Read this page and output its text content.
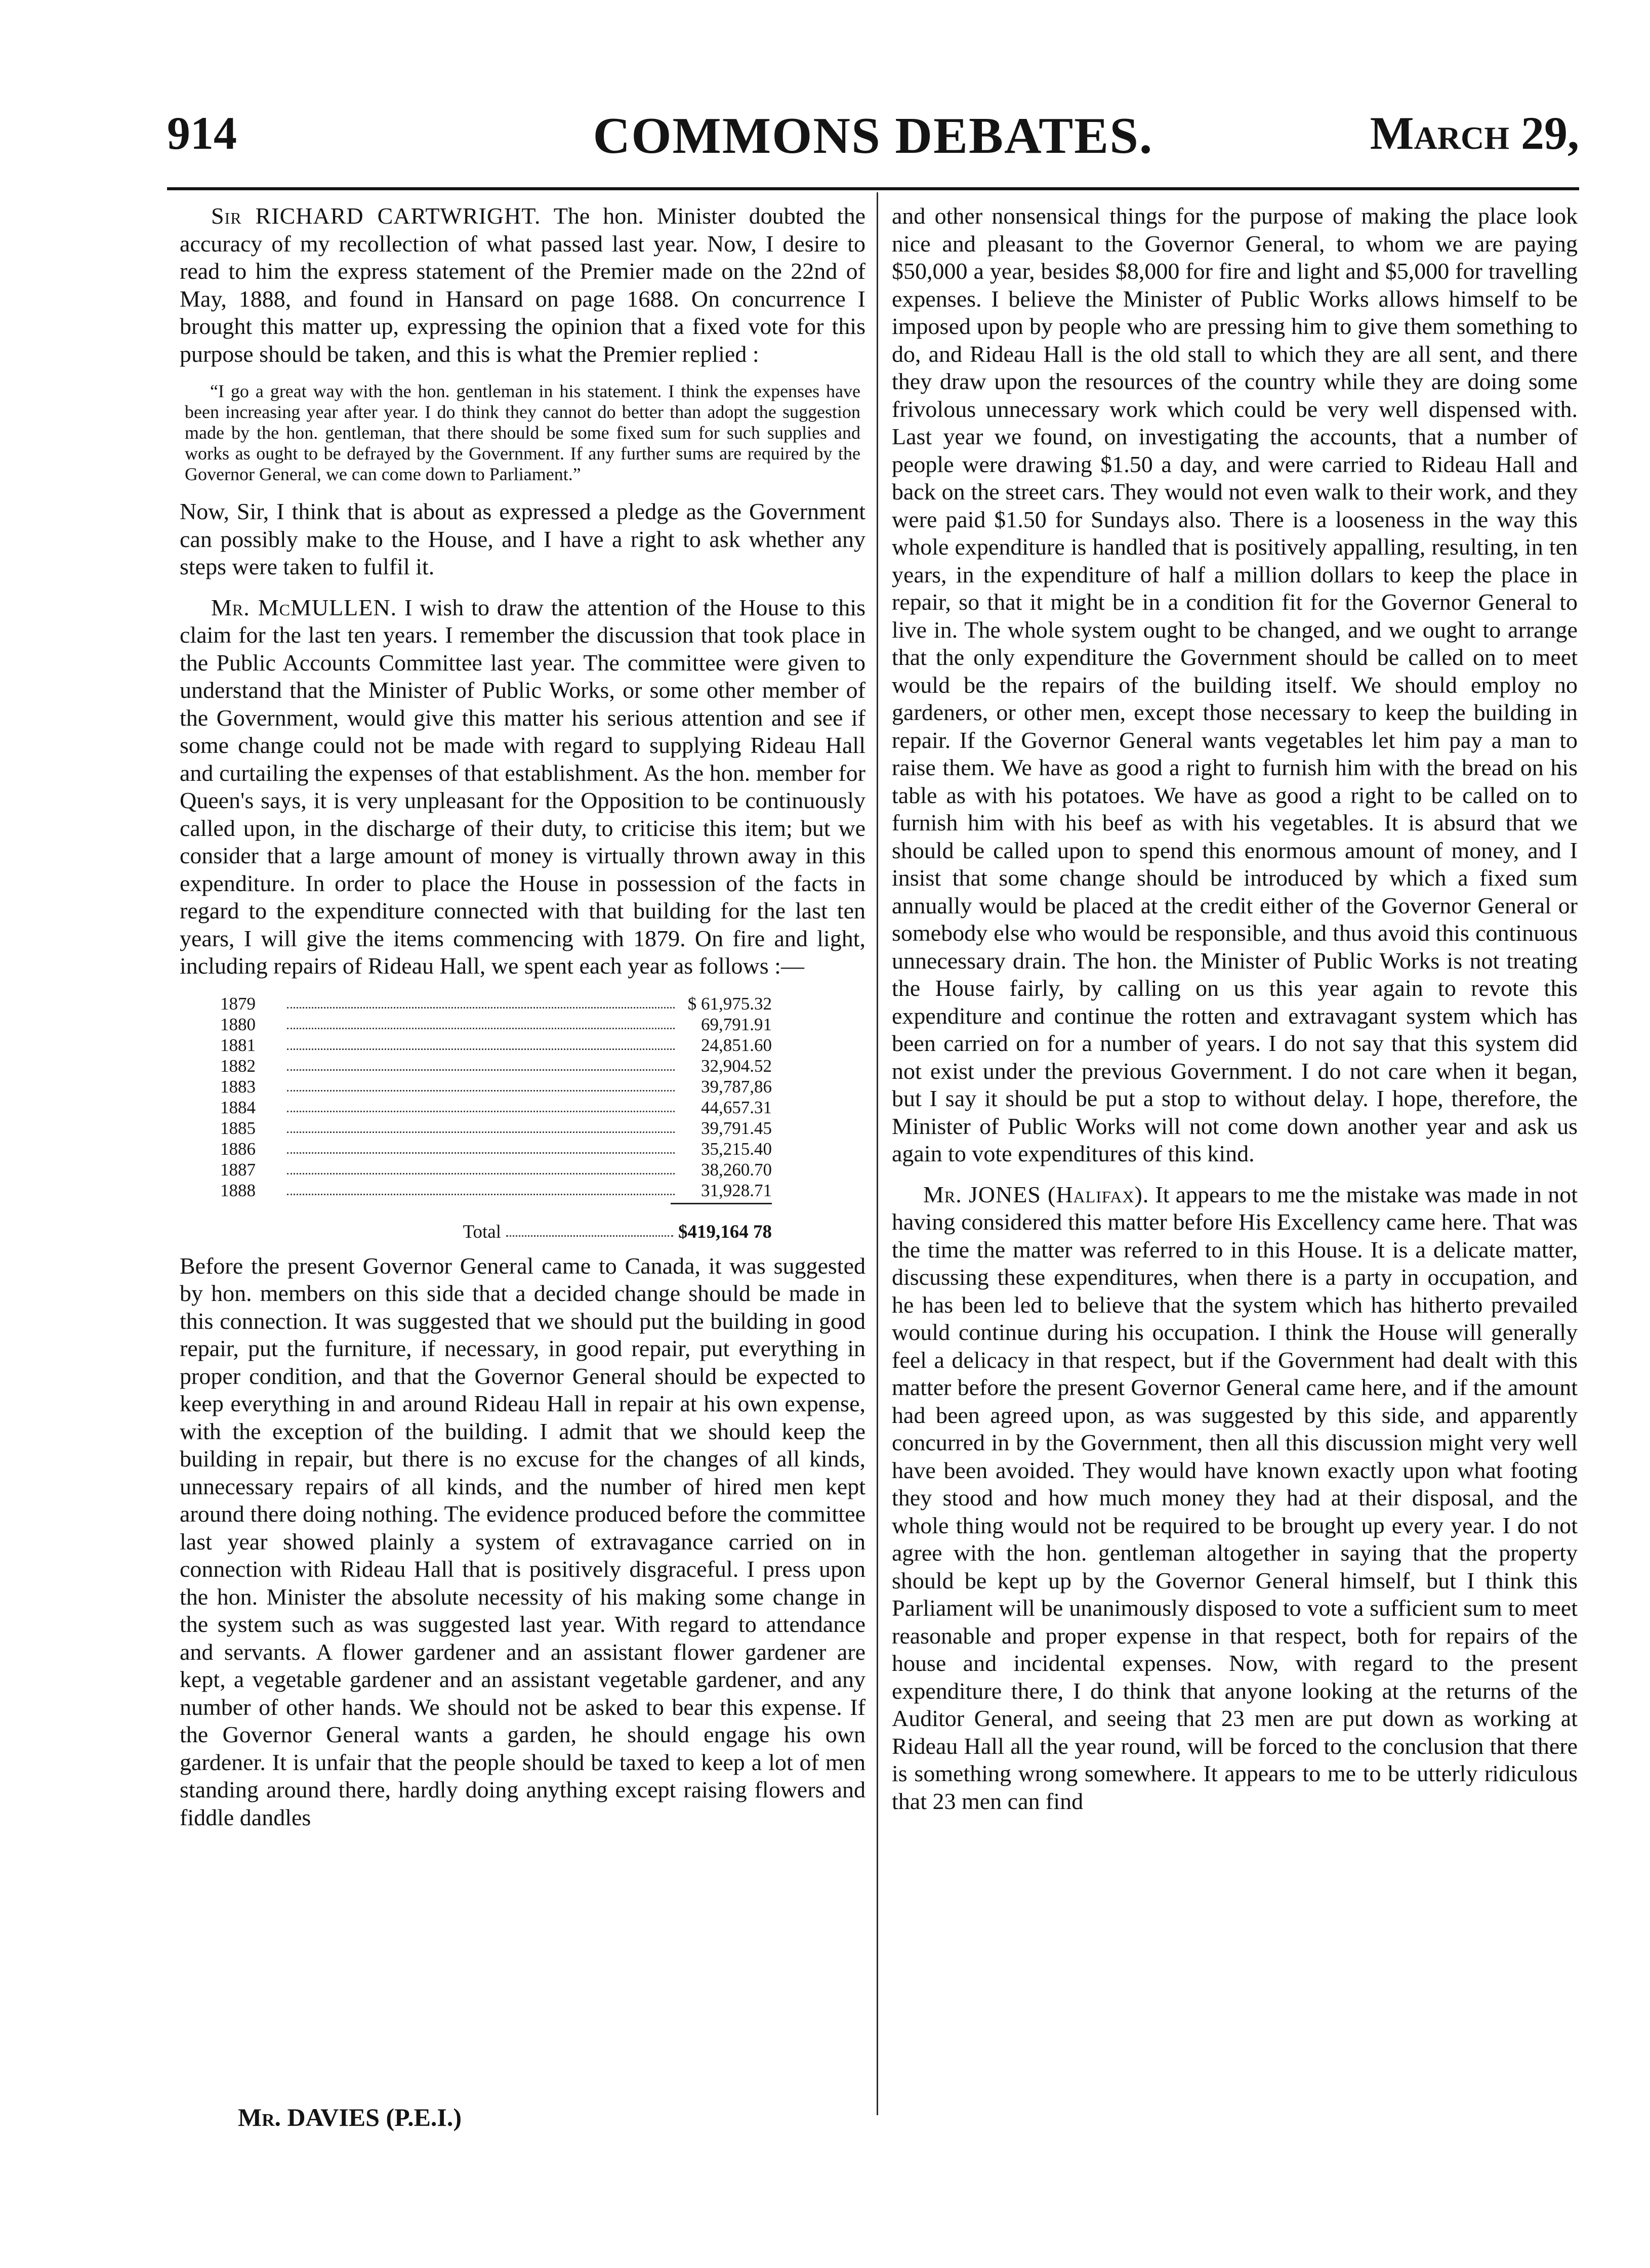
914	COMMONS DEBATES.	March 29,

Sir RICHARD CARTWRIGHT. The hon. Minister doubted the accuracy of my recollection of what passed last year. Now, I desire to read to him the express statement of the Premier made on the 22nd of May, 1888, and found in Hansard on page 1688. On concurrence I brought this matter up, expressing the opinion that a fixed vote for this purpose should be taken, and this is what the Premier replied :

“I go a great way with the hon. gentleman in his statement. I think the expenses have been increasing year after year. I do think they cannot do better than adopt the suggestion made by the hon. gentleman, that there should be some fixed sum for such supplies and works as ought to be defrayed by the Government. If any further sums are required by the Governor General, we can come down to Parliament.”

Now, Sir, I think that is about as expressed a pledge as the Government can possibly make to the House, and I have a right to ask whether any steps were taken to fulfil it.

Mr. McMULLEN. I wish to draw the attention of the House to this claim for the last ten years. I remember the discussion that took place in the Public Accounts Committee last year. The committee were given to understand that the Minister of Public Works, or some other member of the Government, would give this matter his serious attention and see if some change could not be made with regard to supplying Rideau Hall and curtailing the expenses of that establishment. As the hon. member for Queen's says, it is very unpleasant for the Opposition to be continuously called upon, in the discharge of their duty, to criticise this item; but we consider that a large amount of money is virtually thrown away in this expenditure. In order to place the House in possession of the facts in regard to the expenditure connected with that building for the last ten years, I will give the items commencing with 1879. On fire and light, including repairs of Rideau Hall, we spent each year as follows :—

1879	$ 61,975.32
1880	69,791.91
1881	24,851.60
1882	32,904.52
1883	39,787,86
1884	44,657.31
1885	39,791.45
1886	35,215.40
1887	38,260.70
1888	31,928.71
Total	$419,164 78

Before the present Governor General came to Canada, it was suggested by hon. members on this side that a decided change should be made in this connection. It was suggested that we should put the building in good repair, put the furniture, if necessary, in good repair, put everything in proper condition, and that the Governor General should be expected to keep everything in and around Rideau Hall in repair at his own expense, with the exception of the building. I admit that we should keep the building in repair, but there is no excuse for the changes of all kinds, unnecessary repairs of all kinds, and the number of hired men kept around there doing nothing. The evidence produced before the committee last year showed plainly a system of extravagance carried on in connection with Rideau Hall that is positively disgraceful. I press upon the hon. Minister the absolute necessity of his making some change in the system such as was suggested last year. With regard to attendance and servants. A flower gardener and an assistant flower gardener are kept, a vegetable gardener and an assistant vegetable gardener, and any number of other hands. We should not be asked to bear this expense. If the Governor General wants a garden, he should engage his own gardener. It is unfair that the people should be taxed to keep a lot of men standing around there, hardly doing anything except raising flowers and fiddle dandles

and other nonsensical things for the purpose of making the place look nice and pleasant to the Governor General, to whom we are paying $50,000 a year, besides $8,000 for fire and light and $5,000 for travelling expenses. I believe the Minister of Public Works allows himself to be imposed upon by people who are pressing him to give them something to do, and Rideau Hall is the old stall to which they are all sent, and there they draw upon the resources of the country while they are doing some frivolous unnecessary work which could be very well dispensed with. Last year we found, on investigating the accounts, that a number of people were drawing $1.50 a day, and were carried to Rideau Hall and back on the street cars. They would not even walk to their work, and they were paid $1.50 for Sundays also. There is a looseness in the way this whole expenditure is handled that is positively appalling, resulting, in ten years, in the expenditure of half a million dollars to keep the place in repair, so that it might be in a condition fit for the Governor General to live in. The whole system ought to be changed, and we ought to arrange that the only expenditure the Government should be called on to meet would be the repairs of the building itself. We should employ no gardeners, or other men, except those necessary to keep the building in repair. If the Governor General wants vegetables let him pay a man to raise them. We have as good a right to furnish him with the bread on his table as with his potatoes. We have as good a right to be called on to furnish him with his beef as with his vegetables. It is absurd that we should be called upon to spend this enormous amount of money, and I insist that some change should be introduced by which a fixed sum annually would be placed at the credit either of the Governor General or somebody else who would be responsible, and thus avoid this continuous unnecessary drain. The hon. the Minister of Public Works is not treating the House fairly, by calling on us this year again to revote this expenditure and continue the rotten and extravagant system which has been carried on for a number of years. I do not say that this system did not exist under the previous Government. I do not care when it began, but I say it should be put a stop to without delay. I hope, therefore, the Minister of Public Works will not come down another year and ask us again to vote expenditures of this kind.

Mr. JONES (Halifax). It appears to me the mistake was made in not having considered this matter before His Excellency came here. That was the time the matter was referred to in this House. It is a delicate matter, discussing these expenditures, when there is a party in occupation, and he has been led to believe that the system which has hitherto prevailed would continue during his occupation. I think the House will generally feel a delicacy in that respect, but if the Government had dealt with this matter before the present Governor General came here, and if the amount had been agreed upon, as was suggested by this side, and apparently concurred in by the Government, then all this discussion might very well have been avoided. They would have known exactly upon what footing they stood and how much money they had at their disposal, and the whole thing would not be required to be brought up every year. I do not agree with the hon. gentleman altogether in saying that the property should be kept up by the Governor General himself, but I think this Parliament will be unanimously disposed to vote a sufficient sum to meet reasonable and proper expense in that respect, both for repairs of the house and incidental expenses. Now, with regard to the present expenditure there, I do think that anyone looking at the returns of the Auditor General, and seeing that 23 men are put down as working at Rideau Hall all the year round, will be forced to the conclusion that there is something wrong somewhere. It appears to me to be utterly ridiculous that 23 men can find

Mr. DAVIES (P.E.I.)
